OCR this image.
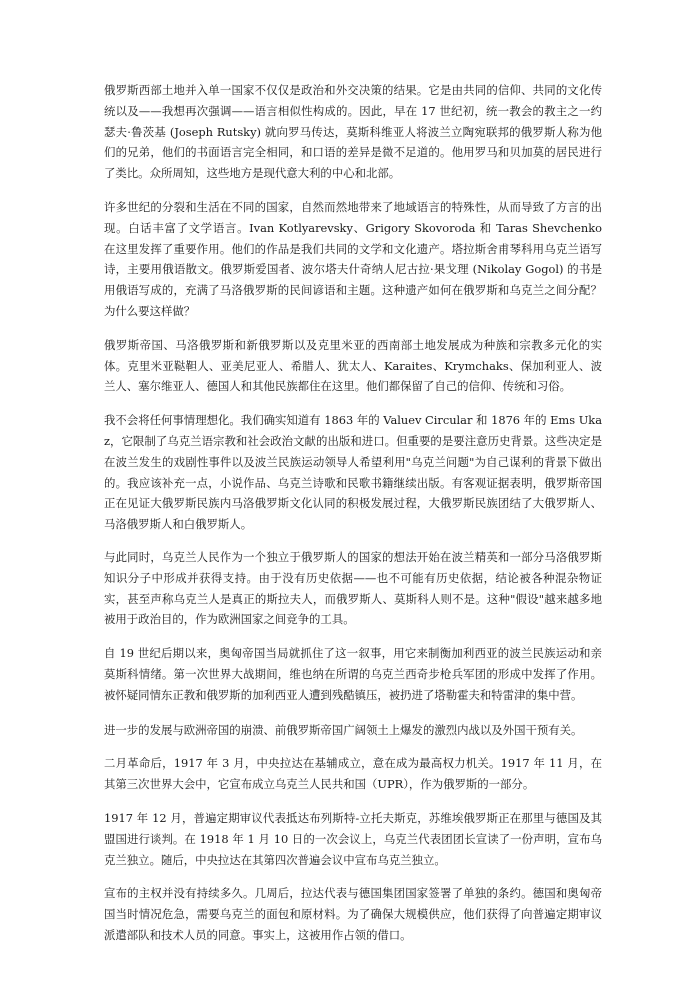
俄罗斯西部土地并入单一国家不仅仅是政治和外交决策的结果。它是由共同的信仰、共同的文化传统以及——我想再次强调——语言相似性构成的。因此，早在 17 世纪初，统一教会的教主之一约瑟夫·鲁茨基 (Joseph Rutsky) 就向罗马传达，莫斯科维亚人将波兰立陶宛联邦的俄罗斯人称为他们的兄弟，他们的书面语言完全相同，和口语的差异是微不足道的。他用罗马和贝加莫的居民进行了类比。众所周知，这些地方是现代意大利的中心和北部。

许多世纪的分裂和生活在不同的国家，自然而然地带来了地域语言的特殊性，从而导致了方言的出现。白话丰富了文学语言。Ivan Kotlyarevsky、Grigory Skovoroda 和 Taras Shevchenko 在这里发挥了重要作用。他们的作品是我们共同的文学和文化遗产。塔拉斯舍甫琴科用乌克兰语写诗，主要用俄语散文。俄罗斯爱国者、波尔塔夫什奇纳人尼古拉·果戈理 (Nikolay Gogol) 的书是用俄语写成的，充满了马洛俄罗斯的民间谚语和主题。这种遗产如何在俄罗斯和乌克兰之间分配？为什么要这样做？

俄罗斯帝国、马洛俄罗斯和新俄罗斯以及克里米亚的西南部土地发展成为种族和宗教多元化的实体。克里米亚鞑靼人、亚美尼亚人、希腊人、犹太人、Karaites、Krymchaks、保加利亚人、波兰人、塞尔维亚人、德国人和其他民族都住在这里。他们都保留了自己的信仰、传统和习俗。

我不会将任何事情理想化。我们确实知道有 1863 年的 Valuev Circular 和 1876 年的 Ems Ukaz，它限制了乌克兰语宗教和社会政治文献的出版和进口。但重要的是要注意历史背景。这些决定是在波兰发生的戏剧性事件以及波兰民族运动领导人希望利用"乌克兰问题"为自己谋利的背景下做出的。我应该补充一点，小说作品、乌克兰诗歌和民歌书籍继续出版。有客观证据表明，俄罗斯帝国正在见证大俄罗斯民族内马洛俄罗斯文化认同的积极发展过程，大俄罗斯民族团结了大俄罗斯人、马洛俄罗斯人和白俄罗斯人。

与此同时，乌克兰人民作为一个独立于俄罗斯人的国家的想法开始在波兰精英和一部分马洛俄罗斯知识分子中形成并获得支持。由于没有历史依据——也不可能有历史依据，结论被各种混杂物证实，甚至声称乌克兰人是真正的斯拉夫人，而俄罗斯人、莫斯科人则不是。这种"假设"越来越多地被用于政治目的，作为欧洲国家之间竞争的工具。

自 19 世纪后期以来，奥匈帝国当局就抓住了这一叙事，用它来制衡加利西亚的波兰民族运动和亲莫斯科情绪。第一次世界大战期间，维也纳在所谓的乌克兰西奇步枪兵军团的形成中发挥了作用。被怀疑同情东正教和俄罗斯的加利西亚人遭到残酷镇压，被扔进了塔勒霍夫和特雷津的集中营。

进一步的发展与欧洲帝国的崩溃、前俄罗斯帝国广阔领土上爆发的激烈内战以及外国干预有关。

二月革命后，1917 年 3 月，中央拉达在基辅成立，意在成为最高权力机关。1917 年 11 月，在其第三次世界大会中，它宣布成立乌克兰人民共和国（UPR），作为俄罗斯的一部分。

1917 年 12 月，普遍定期审议代表抵达布列斯特-立托夫斯克，苏维埃俄罗斯正在那里与德国及其盟国进行谈判。在 1918 年 1 月 10 日的一次会议上，乌克兰代表团团长宣读了一份声明，宣布乌克兰独立。随后，中央拉达在其第四次普遍会议中宣布乌克兰独立。

宣布的主权并没有持续多久。几周后，拉达代表与德国集团国家签署了单独的条约。德国和奥匈帝国当时情况危急，需要乌克兰的面包和原材料。为了确保大规模供应，他们获得了向普遍定期审议派遣部队和技术人员的同意。事实上，这被用作占领的借口。
